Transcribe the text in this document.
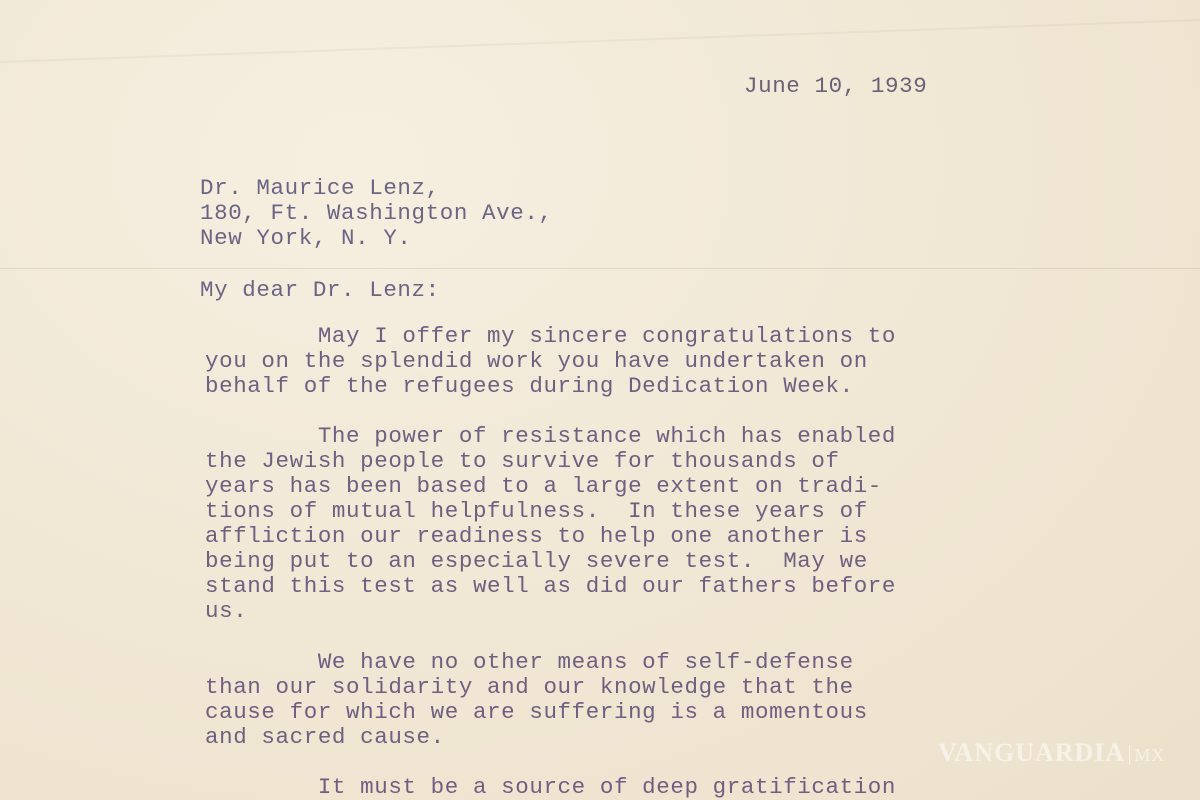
June 10, 1939
Dr. Maurice Lenz,
180, Ft. Washington Ave.,
New York, N. Y.
My dear Dr. Lenz:
May I offer my sincere congratulations to
you on the splendid work you have undertaken on
behalf of the refugees during Dedication Week.
The power of resistance which has enabled
the Jewish people to survive for thousands of
years has been based to a large extent on tradi-
tions of mutual helpfulness.  In these years of
affliction our readiness to help one another is
being put to an especially severe test.  May we
stand this test as well as did our fathers before
us.
We have no other means of self-defense
than our solidarity and our knowledge that the
cause for which we are suffering is a momentous
and sacred cause.
It must be a source of deep gratification
VANGUARDIA MX
